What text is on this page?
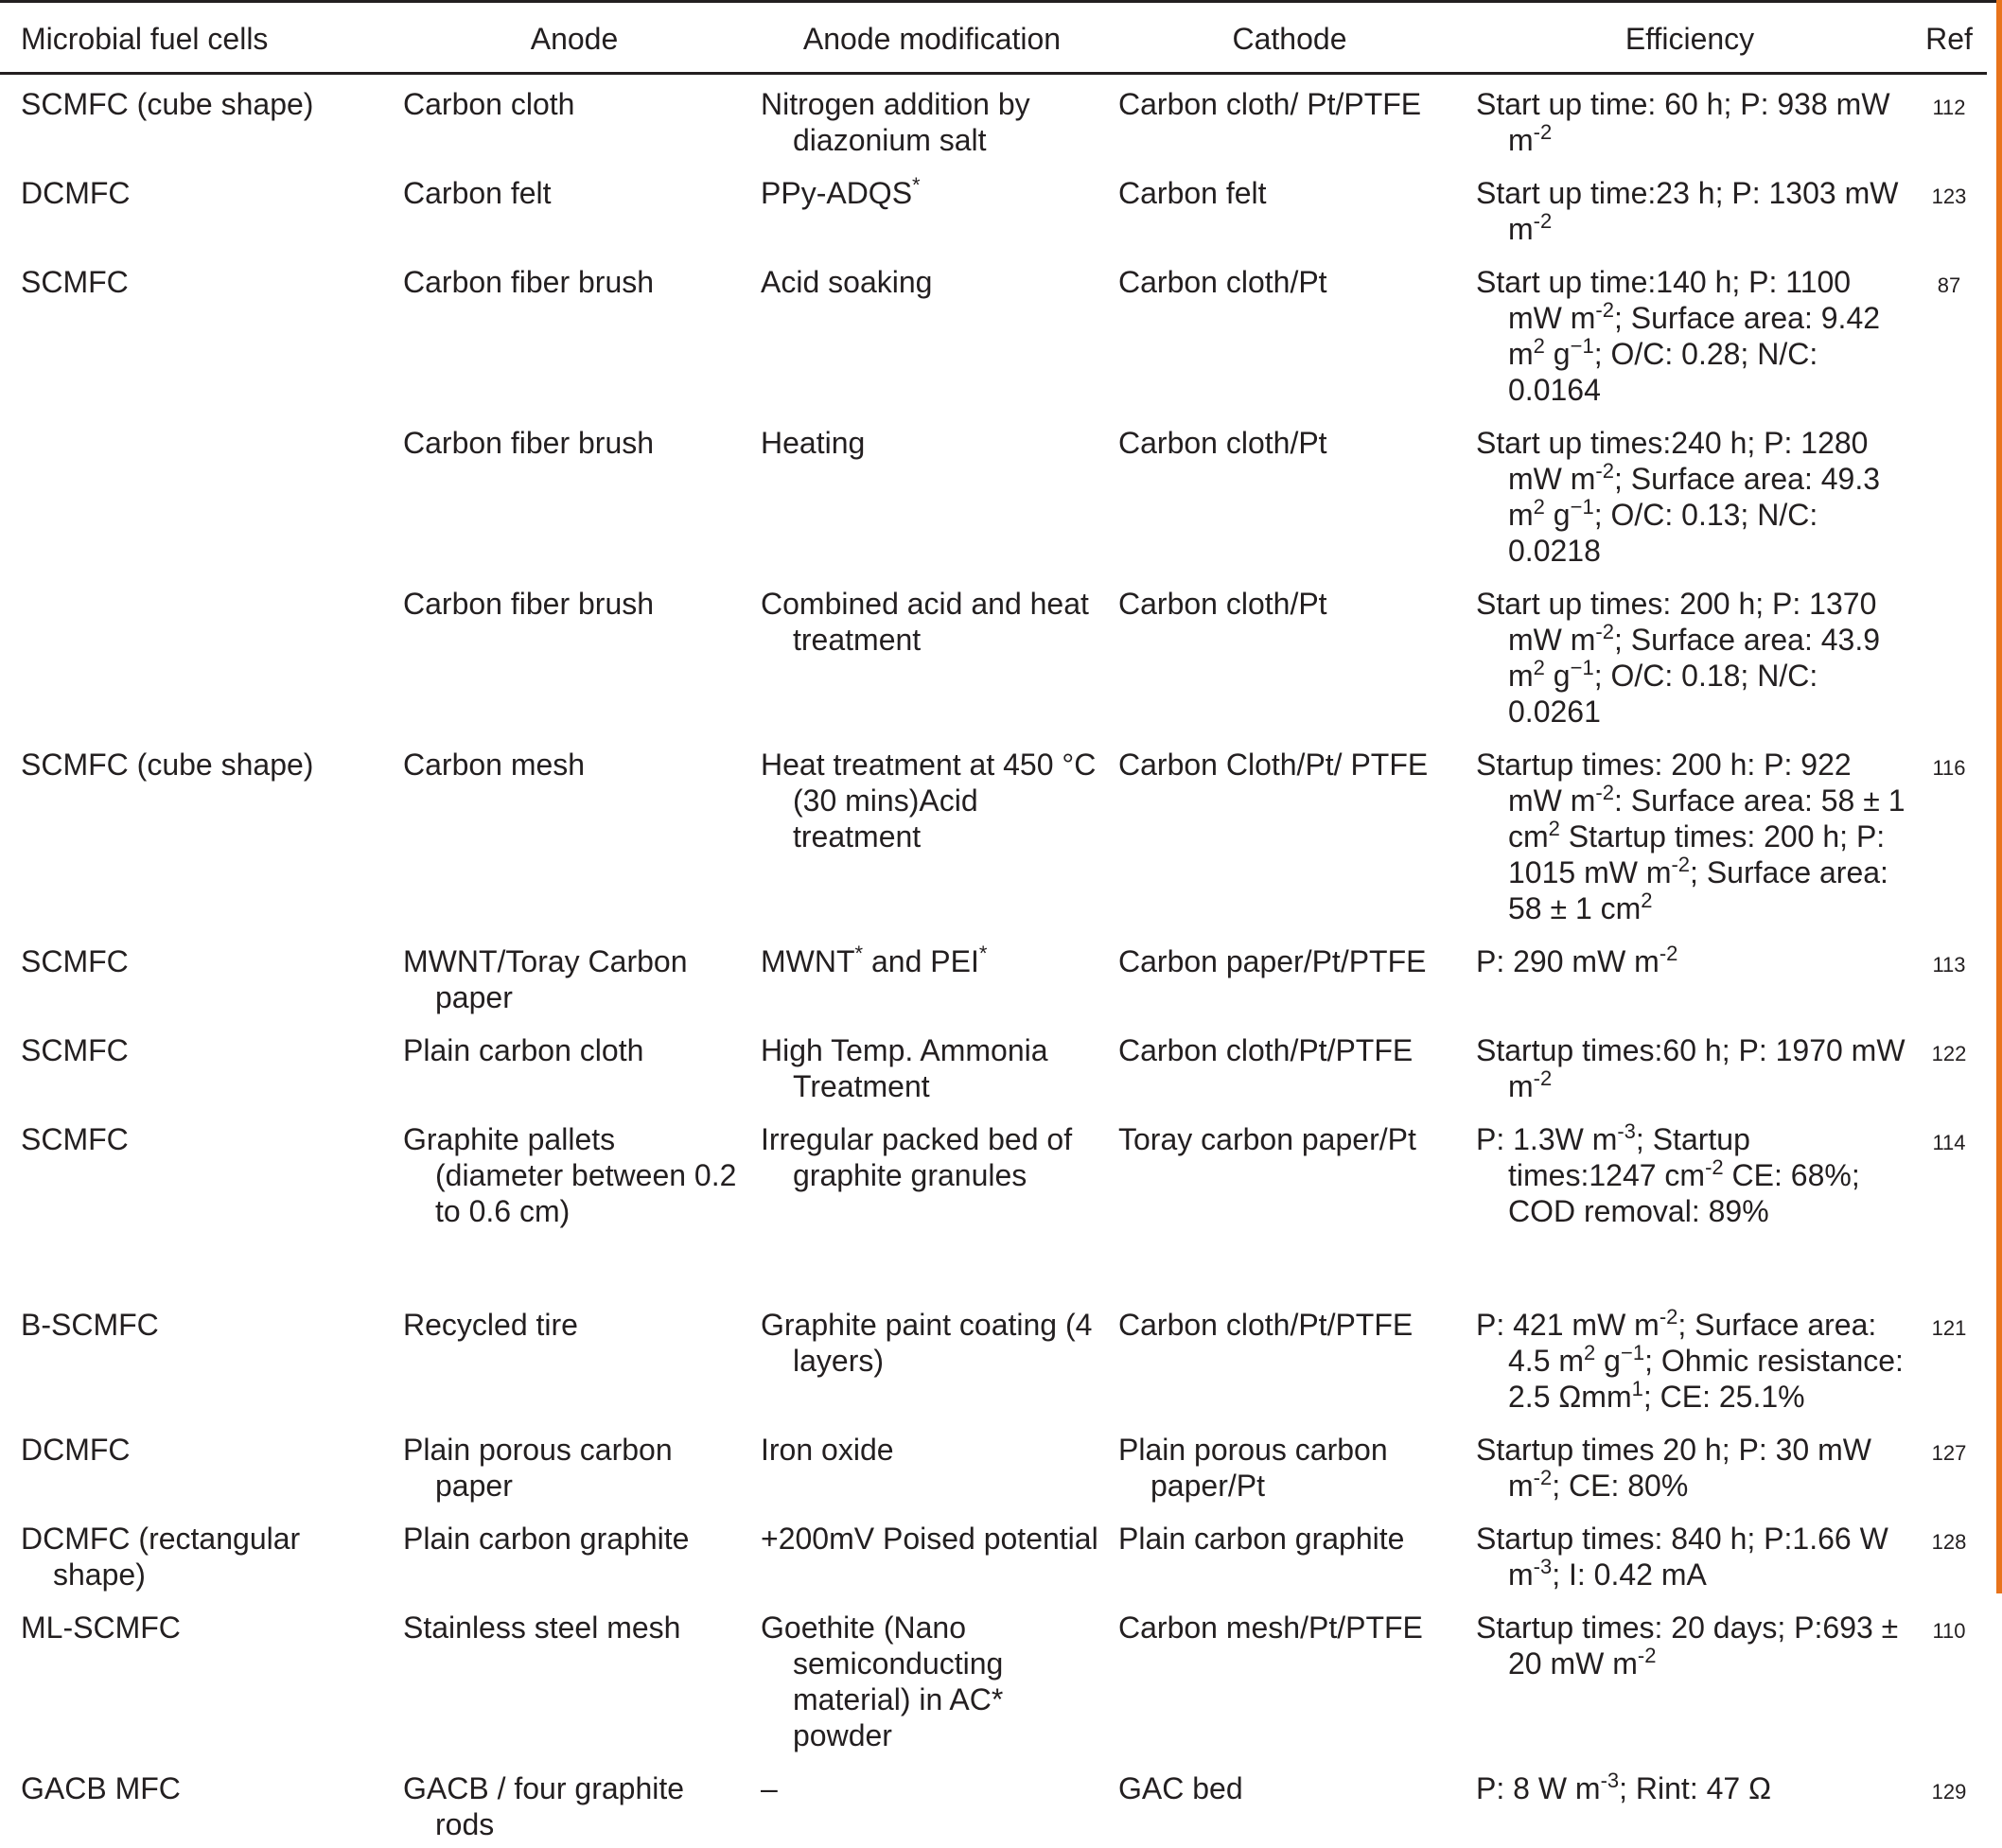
Microbial fuel cells	Anode	Anode modification	Cathode	Efficiency	Ref

SCMFC (cube shape)	Carbon cloth	Nitrogen addition by diazonium salt	Carbon cloth/ Pt/PTFE	Start up time: 60 h; P: 938 mW $m^{-2}$	112

DCMFC	Carbon felt	PPy-ADQS*	Carbon felt	Start up time:23 h; P: 1303 mW $m^{-2}$	123

SCMFC	Carbon fiber brush	Acid soaking	Carbon cloth/Pt	Start up time:140 h; P: 1100 mW $m^{-2}$; Surface area: 9.42 $m^2$ $g^{-1}$; O/C: 0.28; N/C: 0.0164	87

	Carbon fiber brush	Heating	Carbon cloth/Pt	Start up times:240 h; P: 1280 mW $m^{-2}$; Surface area: 49.3 $m^2$ $g^{-1}$; O/C: 0.13; N/C: 0.0218	

	Carbon fiber brush	Combined acid and heat treatment	Carbon cloth/Pt	Start up times: 200 h; P: 1370 mW $m^{-2}$; Surface area: 43.9 $m^2$ $g^{-1}$; O/C: 0.18; N/C: 0.0261	

SCMFC (cube shape)	Carbon mesh	Heat treatment at 450 °C (30 mins)Acid treatment	Carbon Cloth/Pt/ PTFE	Startup times: 200 h: P: 922 mW $m^{-2}$: Surface area: 58 ± 1 $cm^2$ Startup times: 200 h; P: 1015 mW $m^{-2}$; Surface area: 58 ± 1 $cm^2$	116

SCMFC	MWNT/Toray Carbon paper	MWNT* and PEI*	Carbon paper/Pt/PTFE	P: 290 mW $m^{-2}$	113

SCMFC	Plain carbon cloth	High Temp. Ammonia Treatment	Carbon cloth/Pt/PTFE	Startup times:60 h; P: 1970 mW $m^{-2}$	122

SCMFC	Graphite pallets (diameter between 0.2 to 0.6 cm)	Irregular packed bed of graphite granules	Toray carbon paper/Pt	P: 1.3W $m^{-3}$; Startup times:1247 $cm^{-2}$ CE: 68%; COD removal: 89%	114

B-SCMFC	Recycled tire	Graphite paint coating (4 layers)	Carbon cloth/Pt/PTFE	P: 421 mW $m^{-2}$; Surface area: 4.5 $m^2$ $g^{-1}$; Ohmic resistance: 2.5 Ωmm$^1$; CE: 25.1%	121

DCMFC	Plain porous carbon paper	Iron oxide	Plain porous carbon paper/Pt	Startup times 20 h; P: 30 mW $m^{-2}$; CE: 80%	127

DCMFC (rectangular shape)	Plain carbon graphite	+200mV Poised potential	Plain carbon graphite	Startup times: 840 h; P:1.66 W $m^{-3}$; I: 0.42 mA	128

ML-SCMFC	Stainless steel mesh	Goethite (Nano semiconducting material) in AC* powder	Carbon mesh/Pt/PTFE	Startup times: 20 days; P:693 ± 20 mW $m^{-2}$	110

GACB MFC	GACB / four graphite rods	–	GAC bed	P: 8 W $m^{-3}$; Rint: 47 Ω	129
